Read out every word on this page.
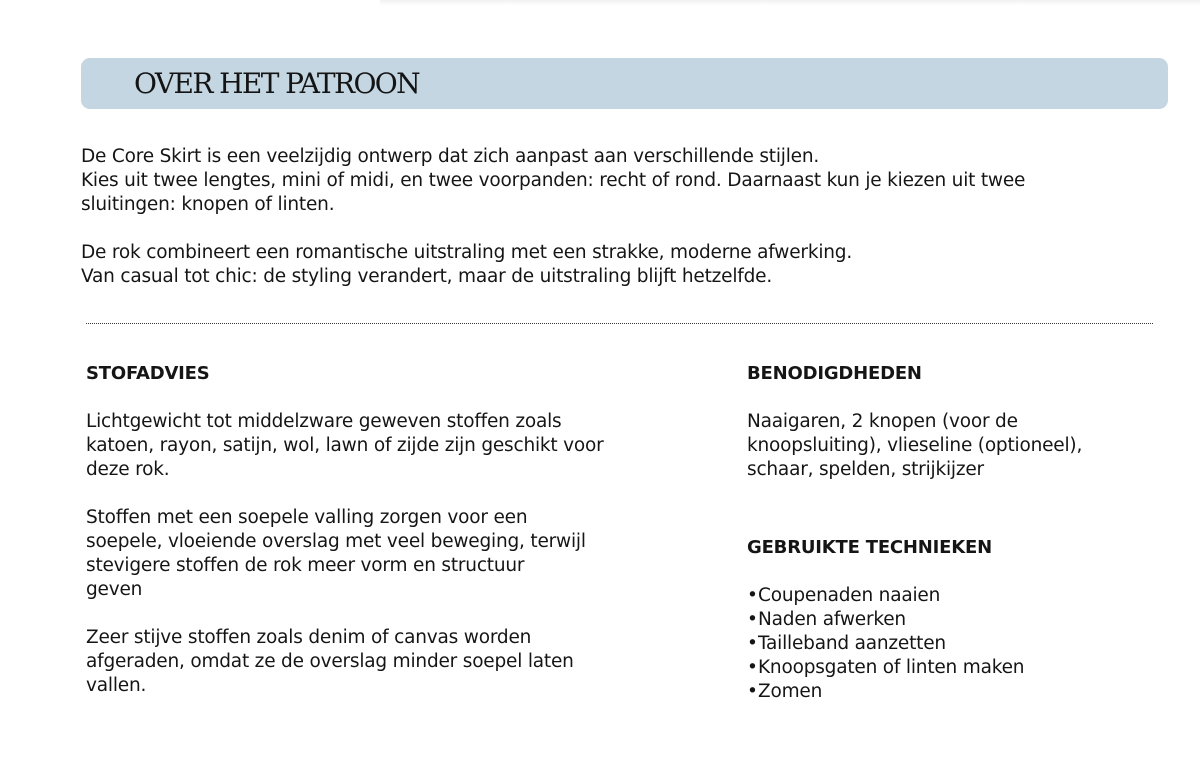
OVER HET PATROON

De Core Skirt is een veelzijdig ontwerp dat zich aanpast aan verschillende stijlen.
Kies uit twee lengtes, mini of midi, en twee voorpanden: recht of rond. Daarnaast kun je kiezen uit twee sluitingen: knopen of linten.

De rok combineert een romantische uitstraling met een strakke, moderne afwerking.
Van casual tot chic: de styling verandert, maar de uitstraling blijft hetzelfde.

STOFADVIES

Lichtgewicht tot middelzware geweven stoffen zoals katoen, rayon, satijn, wol, lawn of zijde zijn geschikt voor deze rok.

Stoffen met een soepele valling zorgen voor een soepele, vloeiende overslag met veel beweging, terwijl stevigere stoffen de rok meer vorm en structuur geven

Zeer stijve stoffen zoals denim of canvas worden afgeraden, omdat ze de overslag minder soepel laten vallen.

BENODIGDHEDEN

Naaigaren, 2 knopen (voor de knoopsluiting), vlieseline (optioneel), schaar, spelden, strijkijzer

GEBRUIKTE TECHNIEKEN
•Coupenaden naaien
•Naden afwerken
•Tailleband aanzetten
•Knoopsgaten of linten maken
•Zomen
